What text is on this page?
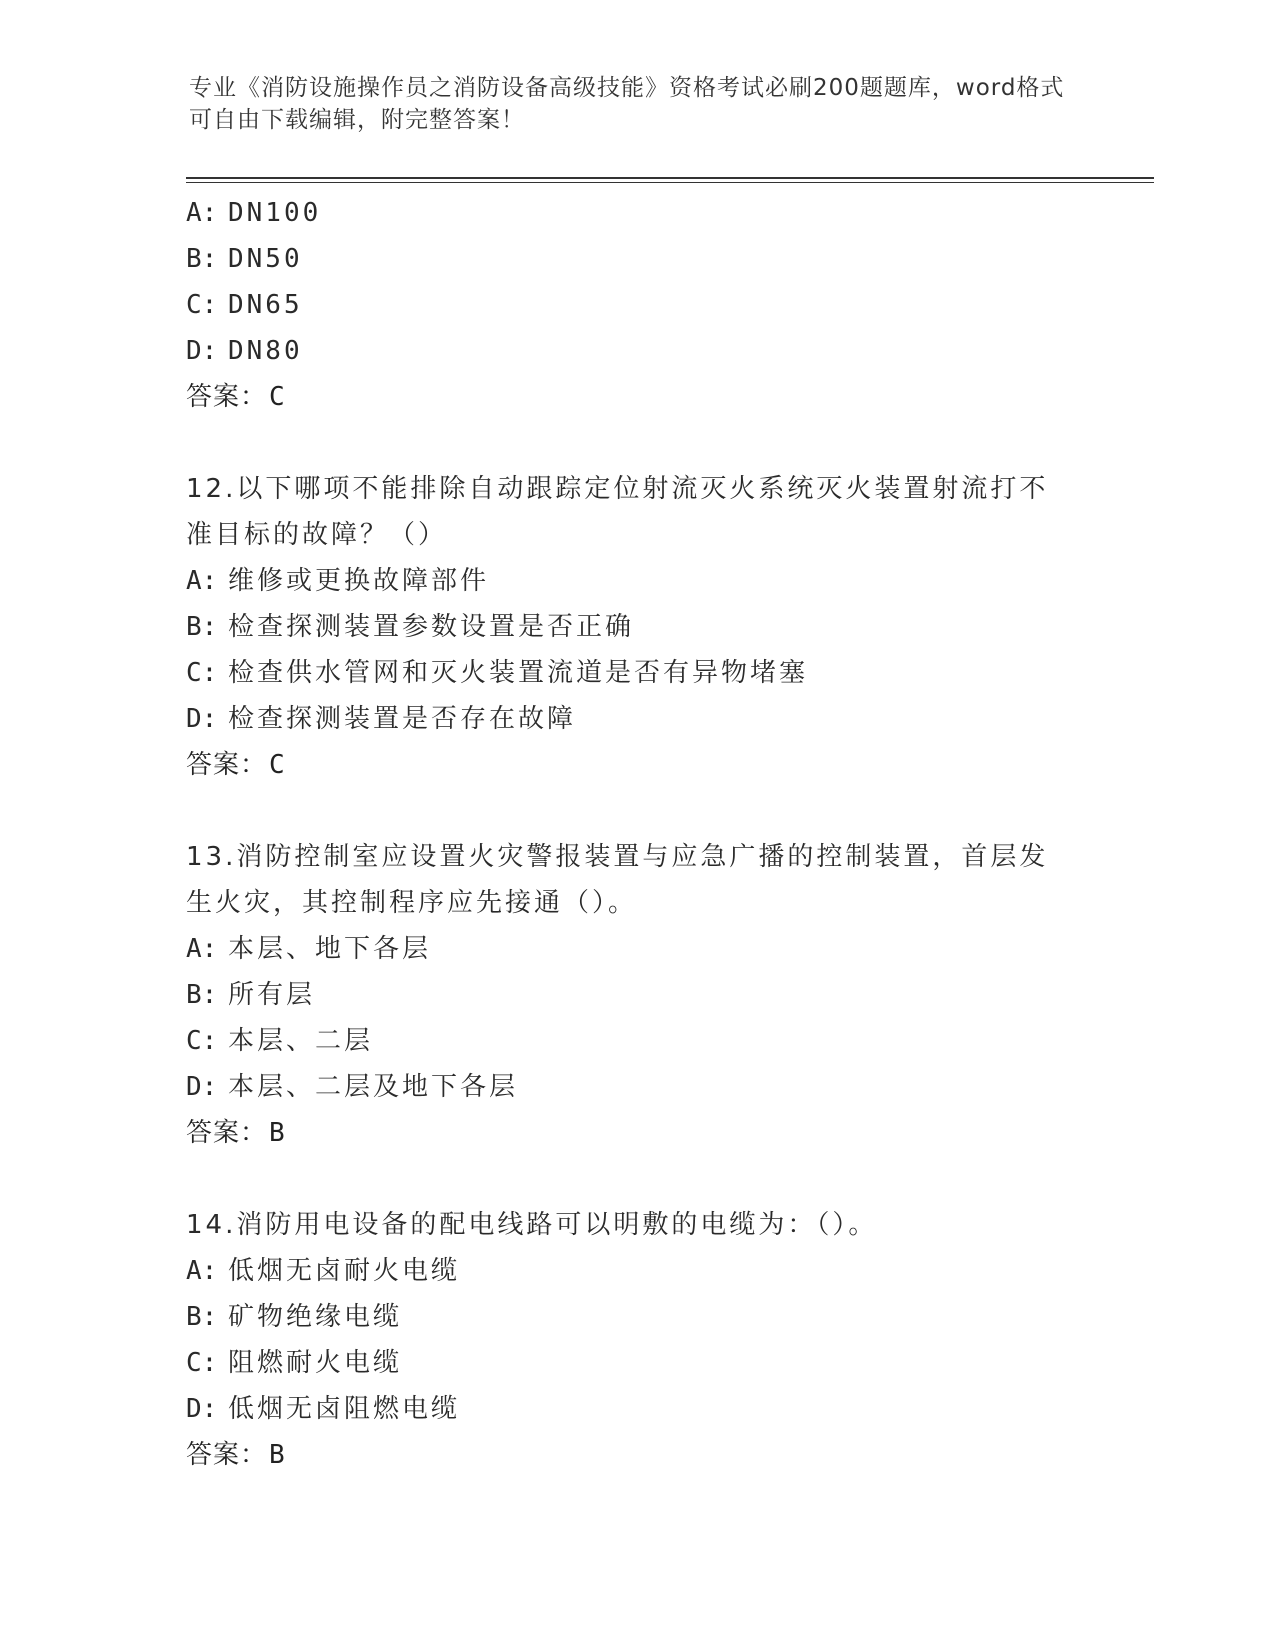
专业《消防设施操作员之消防设备高级技能》资格考试必刷200题题库，word格式可自由下载编辑，附完整答案！
A: DN100
B: DN50
C: DN65
D: DN80
答案：C
12.以下哪项不能排除自动跟踪定位射流灭火系统灭火装置射流打不准目标的故障？（）
A: 维修或更换故障部件
B: 检查探测装置参数设置是否正确
C: 检查供水管网和灭火装置流道是否有异物堵塞
D: 检查探测装置是否存在故障
答案：C
13.消防控制室应设置火灾警报装置与应急广播的控制装置，首层发生火灾，其控制程序应先接通（）。
A: 本层、地下各层
B: 所有层
C: 本层、二层
D: 本层、二层及地下各层
答案：B
14.消防用电设备的配电线路可以明敷的电缆为：（）。
A: 低烟无卤耐火电缆
B: 矿物绝缘电缆
C: 阻燃耐火电缆
D: 低烟无卤阻燃电缆
答案：B
